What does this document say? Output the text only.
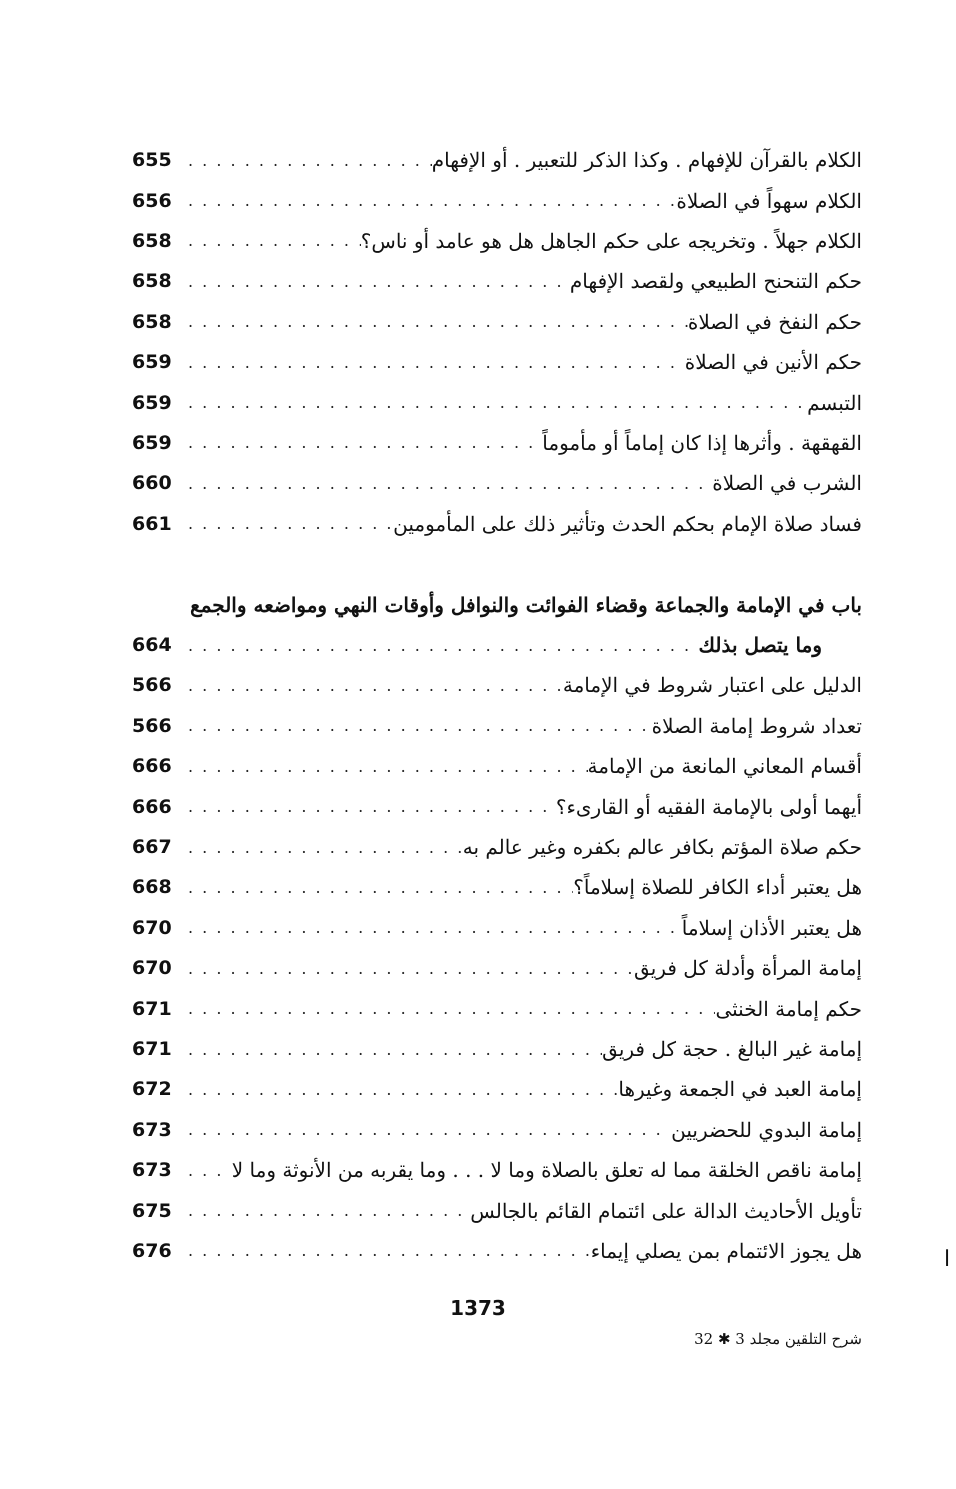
655 . . .	الكلام بالقرآن للإفهام . وكذا الذكر للتعبير . أو الإفهام
656 . . .	الكلام سهواً في الصلاة
658 . . .	الكلام جهلاً . وتخريجه على حكم الجاهل هل هو عامد أو ناس؟
658 . . .	حكم التنحنح الطبيعي ولقصد الإفهام
658 . . .	حكم النفخ في الصلاة
659 . . .	حكم الأنين في الصلاة
659 . . .	التبسم
659 . . .	القهقهة . وأثرها إذا كان إماماً أو مأموماً
660 . . .	الشرب في الصلاة
661 . . .	فساد صلاة الإمام بحكم الحدث وتأثير ذلك على المأمومين
باب في الإمامة والجماعة وقضاء الفوائت والنوافل وأوقات النهي ومواضعه والجمع
664 . . .	وما يتصل بذلك
566 . . .	الدليل على اعتبار شروط في الإمامة
566 . . .	تعداد شروط إمامة الصلاة
666 . . .	أقسام المعاني المانعة من الإمامة
666 . . .	أيهما أولى بالإمامة الفقيه أو القارىء؟
667 . . .	حكم صلاة المؤتم بكافر عالم بكفره وغير عالم به
668 . . .	هل يعتبر أداء الكافر للصلاة إسلاماً؟
670 . . .	هل يعتبر الأذان إسلاماً
670 . . .	إمامة المرأة وأدلة كل فريق
671 . . .	حكم إمامة الخنثى
671 . . .	إمامة غير البالغ . حجة كل فريق
672 . . .	إمامة العبد في الجمعة وغيرها
673 . . .	إمامة البدوي للحضريين
673 . . .	إمامة ناقص الخلقة مما له تعلق بالصلاة وما لا . . . وما يقربه من الأنوثة وما لا
675 . . .	تأويل الأحاديث الدالة على ائتمام القائم بالجالس
676 . . .	هل يجوز الائتمام بمن يصلي إيماء
1373
شرح التلقين مجلد 3 ✱ 32
ا
